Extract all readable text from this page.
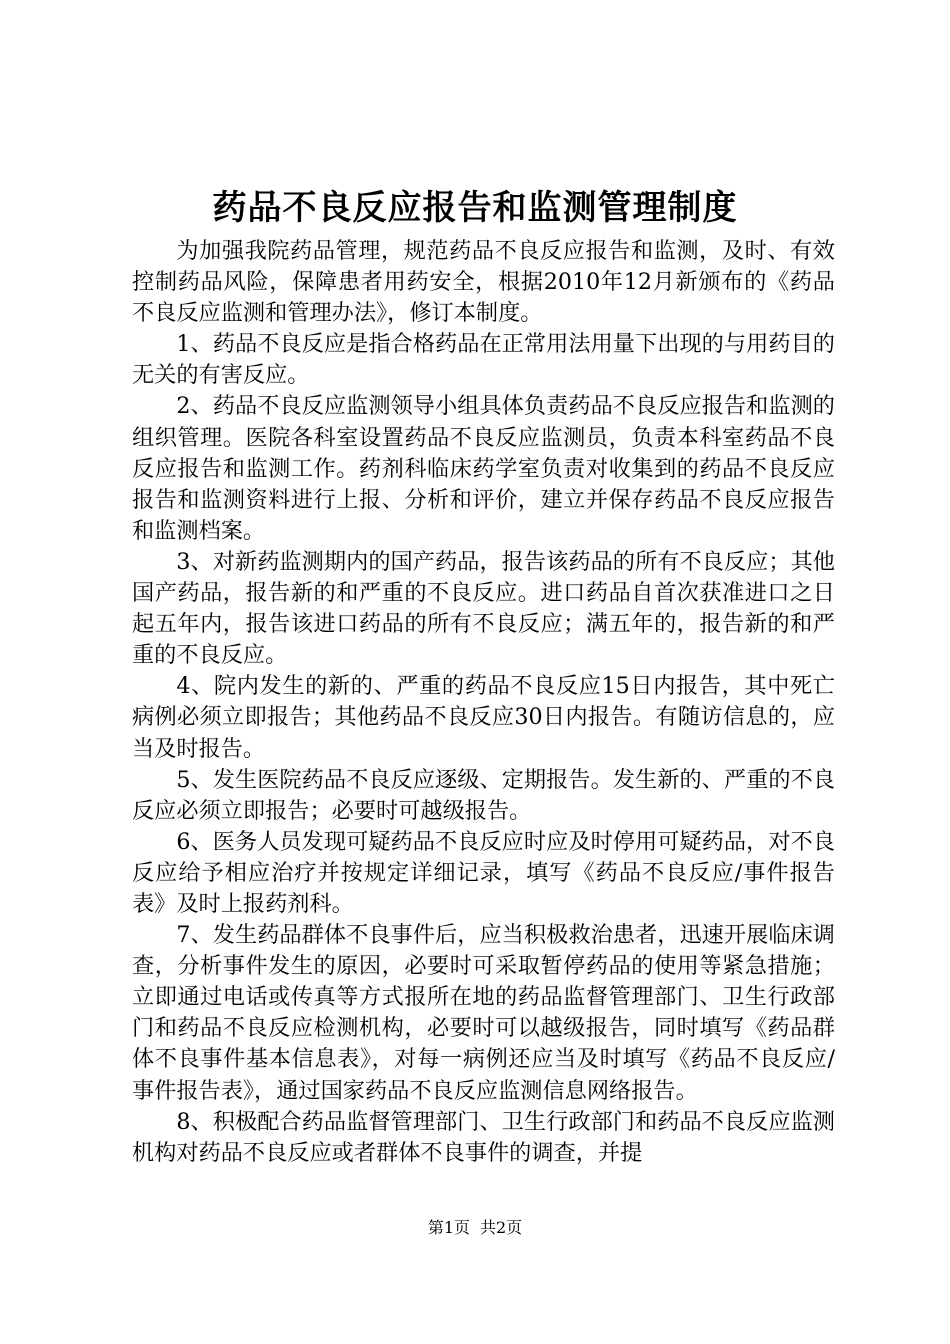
药品不良反应报告和监测管理制度

为加强我院药品管理，规范药品不良反应报告和监测，及时、有效控制药品风险，保障患者用药安全，根据2010年12月新颁布的《药品不良反应监测和管理办法》，修订本制度。

1、药品不良反应是指合格药品在正常用法用量下出现的与用药目的无关的有害反应。

2、药品不良反应监测领导小组具体负责药品不良反应报告和监测的组织管理。医院各科室设置药品不良反应监测员，负责本科室药品不良反应报告和监测工作。药剂科临床药学室负责对收集到的药品不良反应报告和监测资料进行上报、分析和评价，建立并保存药品不良反应报告和监测档案。

3、对新药监测期内的国产药品，报告该药品的所有不良反应；其他国产药品，报告新的和严重的不良反应。进口药品自首次获准进口之日起五年内，报告该进口药品的所有不良反应；满五年的，报告新的和严重的不良反应。

4、院内发生的新的、严重的药品不良反应15日内报告，其中死亡病例必须立即报告；其他药品不良反应30日内报告。有随访信息的，应当及时报告。

5、发生医院药品不良反应逐级、定期报告。发生新的、严重的不良反应必须立即报告；必要时可越级报告。

6、医务人员发现可疑药品不良反应时应及时停用可疑药品，对不良反应给予相应治疗并按规定详细记录，填写《药品不良反应/事件报告表》及时上报药剂科。

7、发生药品群体不良事件后，应当积极救治患者，迅速开展临床调查，分析事件发生的原因，必要时可采取暂停药品的使用等紧急措施；立即通过电话或传真等方式报所在地的药品监督管理部门、卫生行政部门和药品不良反应检测机构，必要时可以越级报告，同时填写《药品群体不良事件基本信息表》，对每一病例还应当及时填写《药品不良反应/事件报告表》，通过国家药品不良反应监测信息网络报告。

8、积极配合药品监督管理部门、卫生行政部门和药品不良反应监测机构对药品不良反应或者群体不良事件的调查，并提

第1页 共2页
